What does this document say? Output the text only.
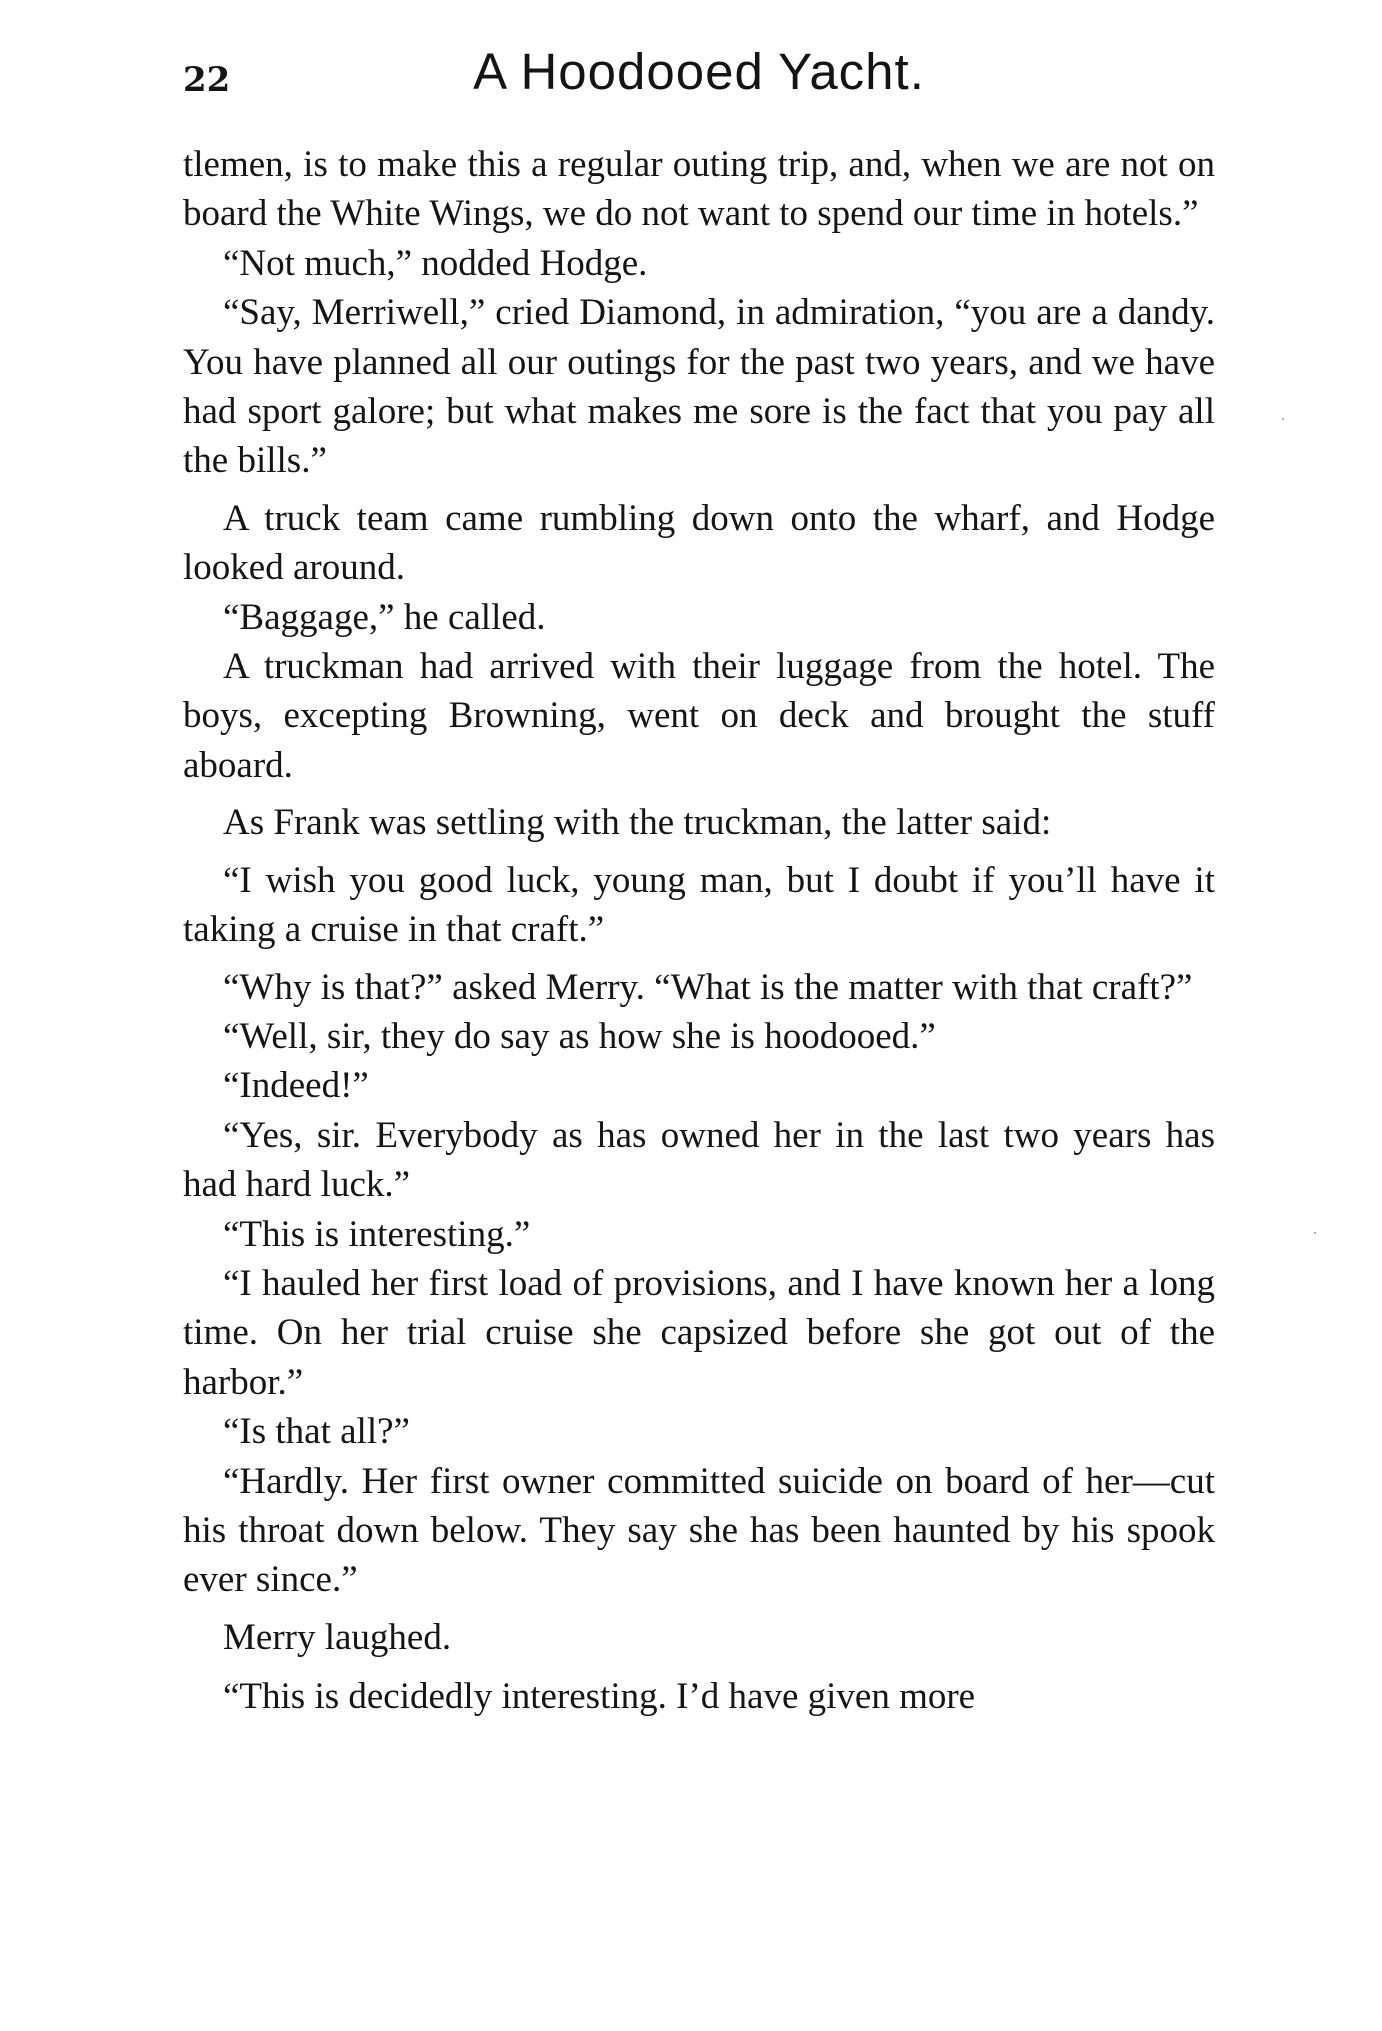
22	A Hoodooed Yacht.

tlemen, is to make this a regular outing trip, and, when we are not on board the White Wings, we do not want to spend our time in hotels.”

“Not much,” nodded Hodge.

“Say, Merriwell,” cried Diamond, in admiration, “you are a dandy. You have planned all our outings for the past two years, and we have had sport galore; but what makes me sore is the fact that you pay all the bills.”

A truck team came rumbling down onto the wharf, and Hodge looked around.

“Baggage,” he called.

A truckman had arrived with their luggage from the hotel. The boys, excepting Browning, went on deck and brought the stuff aboard.

As Frank was settling with the truckman, the latter said:

“I wish you good luck, young man, but I doubt if you’ll have it taking a cruise in that craft.”

“Why is that?” asked Merry. “What is the matter with that craft?”

“Well, sir, they do say as how she is hoodooed.”

“Indeed!”

“Yes, sir. Everybody as has owned her in the last two years has had hard luck.”

“This is interesting.”

“I hauled her first load of provisions, and I have known her a long time. On her trial cruise she capsized before she got out of the harbor.”

“Is that all?”

“Hardly. Her first owner committed suicide on board of her—cut his throat down below. They say she has been haunted by his spook ever since.”

Merry laughed.

“This is decidedly interesting. I’d have given more
